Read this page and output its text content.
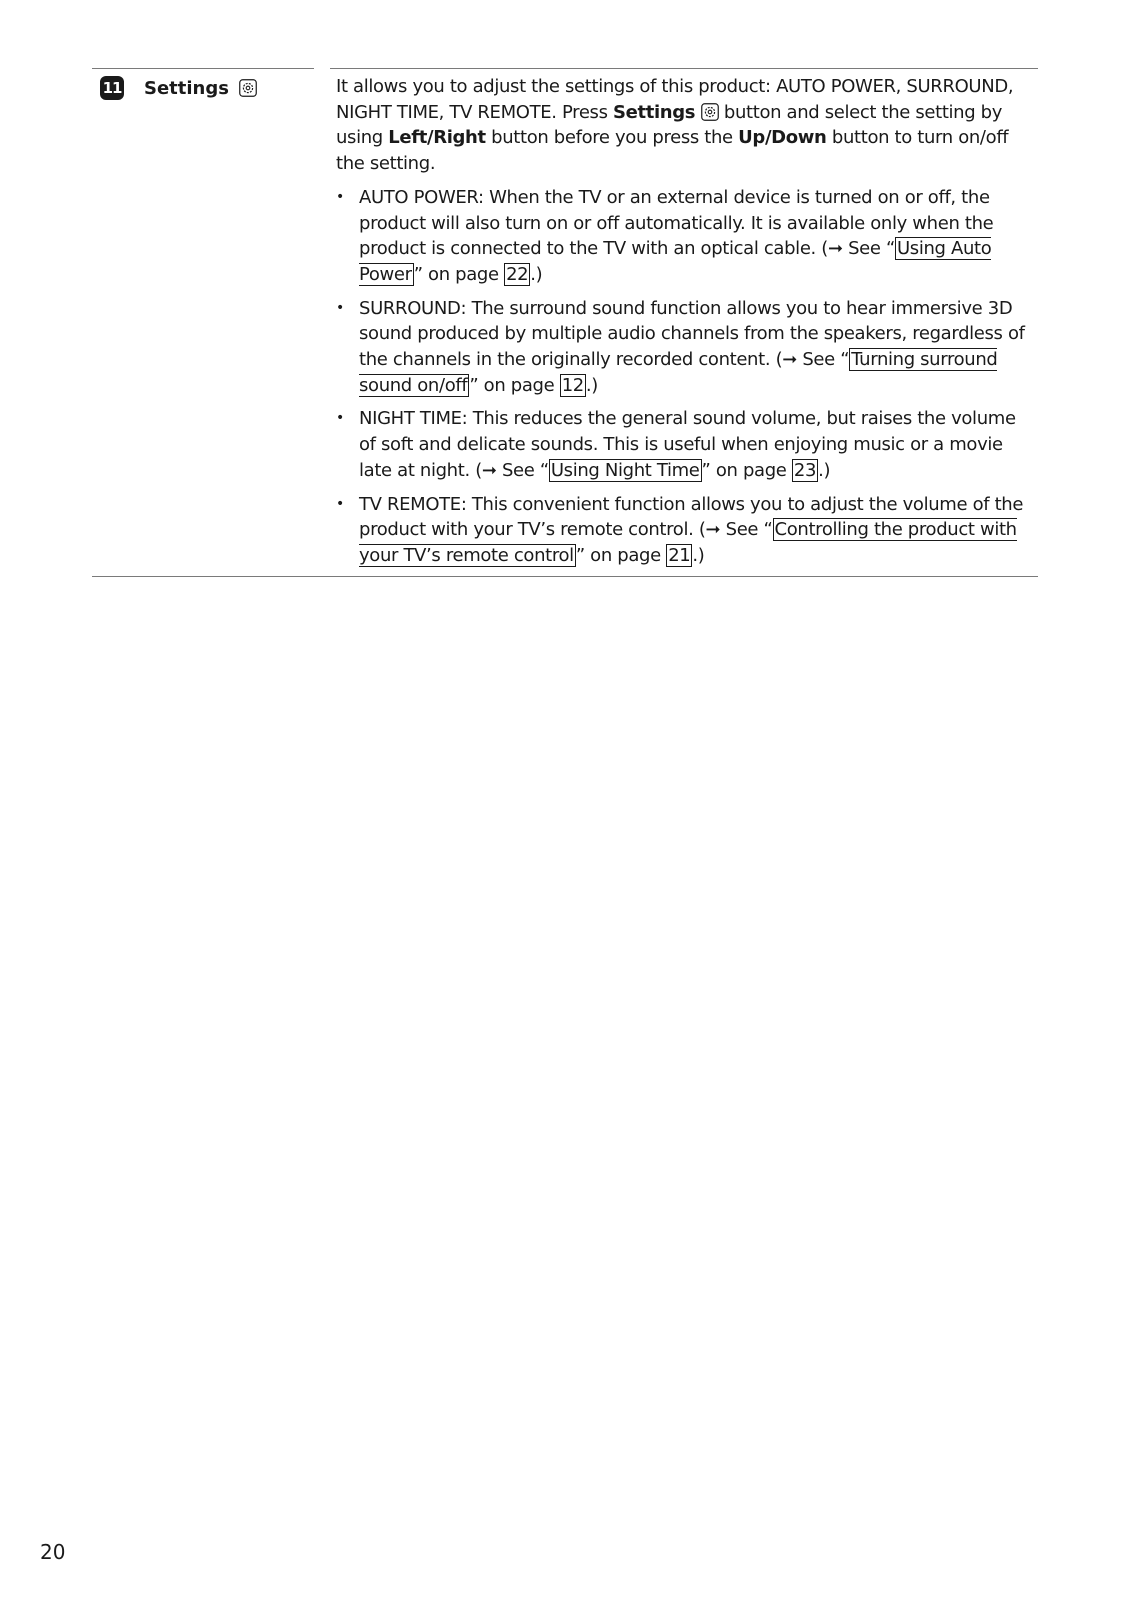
11 Settings	It allows you to adjust the settings of this product: AUTO POWER, SURROUND, NIGHT TIME, TV REMOTE. Press Settings  button and select the setting by using Left/Right button before you press the Up/Down button to turn on/off the setting.

• AUTO POWER: When the TV or an external device is turned on or off, the product will also turn on or off automatically. It is available only when the product is connected to the TV with an optical cable. (➞ See “ Using Auto Power ” on page 22 .)
• SURROUND: The surround sound function allows you to hear immersive 3D sound produced by multiple audio channels from the speakers, regardless of the channels in the originally recorded content. (➞ See “ Turning surround sound on/off ” on page 12 .)
• NIGHT TIME: This reduces the general sound volume, but raises the volume of soft and delicate sounds. This is useful when enjoying music or a movie late at night. (➞ See “ Using Night Time ” on page 23 .)
• TV REMOTE: This convenient function allows you to adjust the volume of the product with your TV’s remote control. (➞ See “ Controlling the product with your TV’s remote control ” on page 21 .)
20
